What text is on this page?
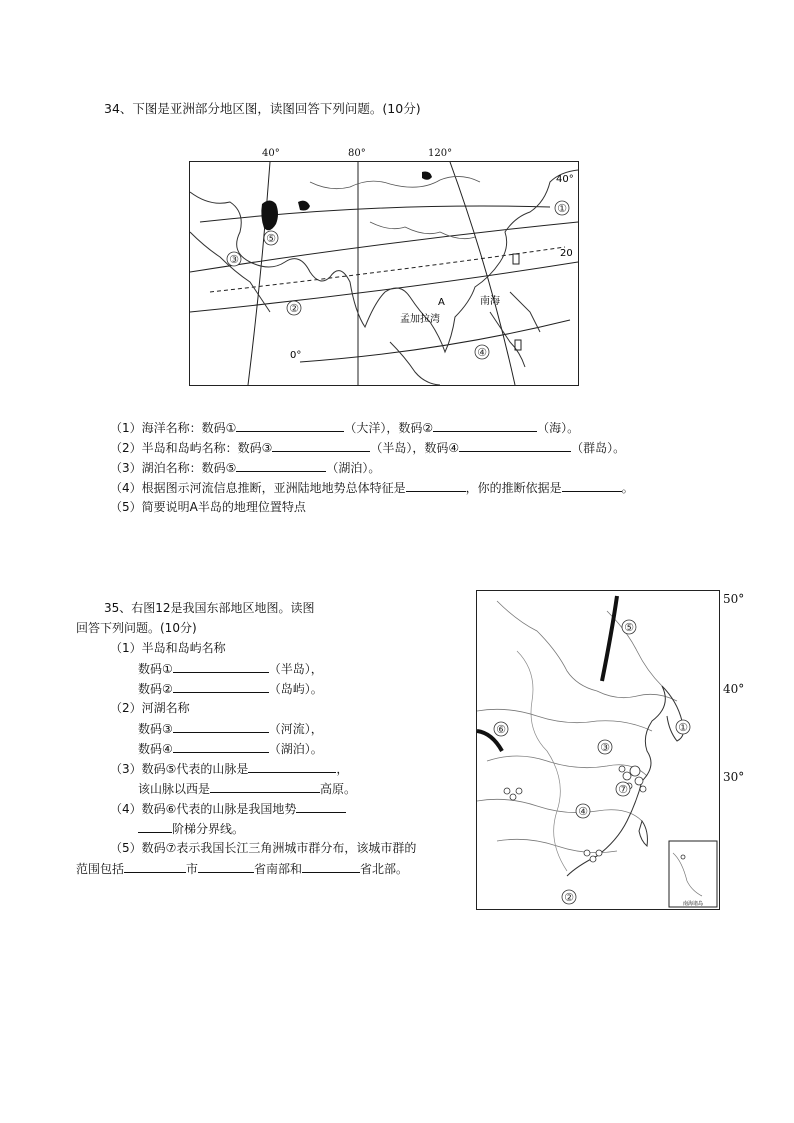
34、下图是亚洲部分地区图，读图回答下列问题。(10分)
①
②
③
④
⑤
A	南海
孟加拉湾
40°
20
0°
40°	80°	120°
（1）海洋名称：数码①	（大洋），数码②	（海）。
（2）半岛和岛屿名称：数码③	（半岛），数码④	（群岛）。
（3）湖泊名称：数码⑤	（湖泊）。
（4）根据图示河流信息推断，亚洲陆地地势总体特征是	，你的推断依据是	。
（5）简要说明A半岛的地理位置特点
35、右图12是我国东部地区地图。读图
回答下列问题。(10分)
（1）半岛和岛屿名称
数码①	（半岛），
数码②	（岛屿）。
（2）河湖名称
数码③	（河流），
数码④	（湖泊）。
（3）数码⑤代表的山脉是	，
该山脉以西是	高原。
（4）数码⑥代表的山脉是我国地势
阶梯分界线。
（5）数码⑦表示我国长江三角洲城市群分布，该城市群的
范围包括	市	省南部和	省北部。
南海诸岛
①
②
③
④
⑤
⑥
⑦
50°
40°
30°
